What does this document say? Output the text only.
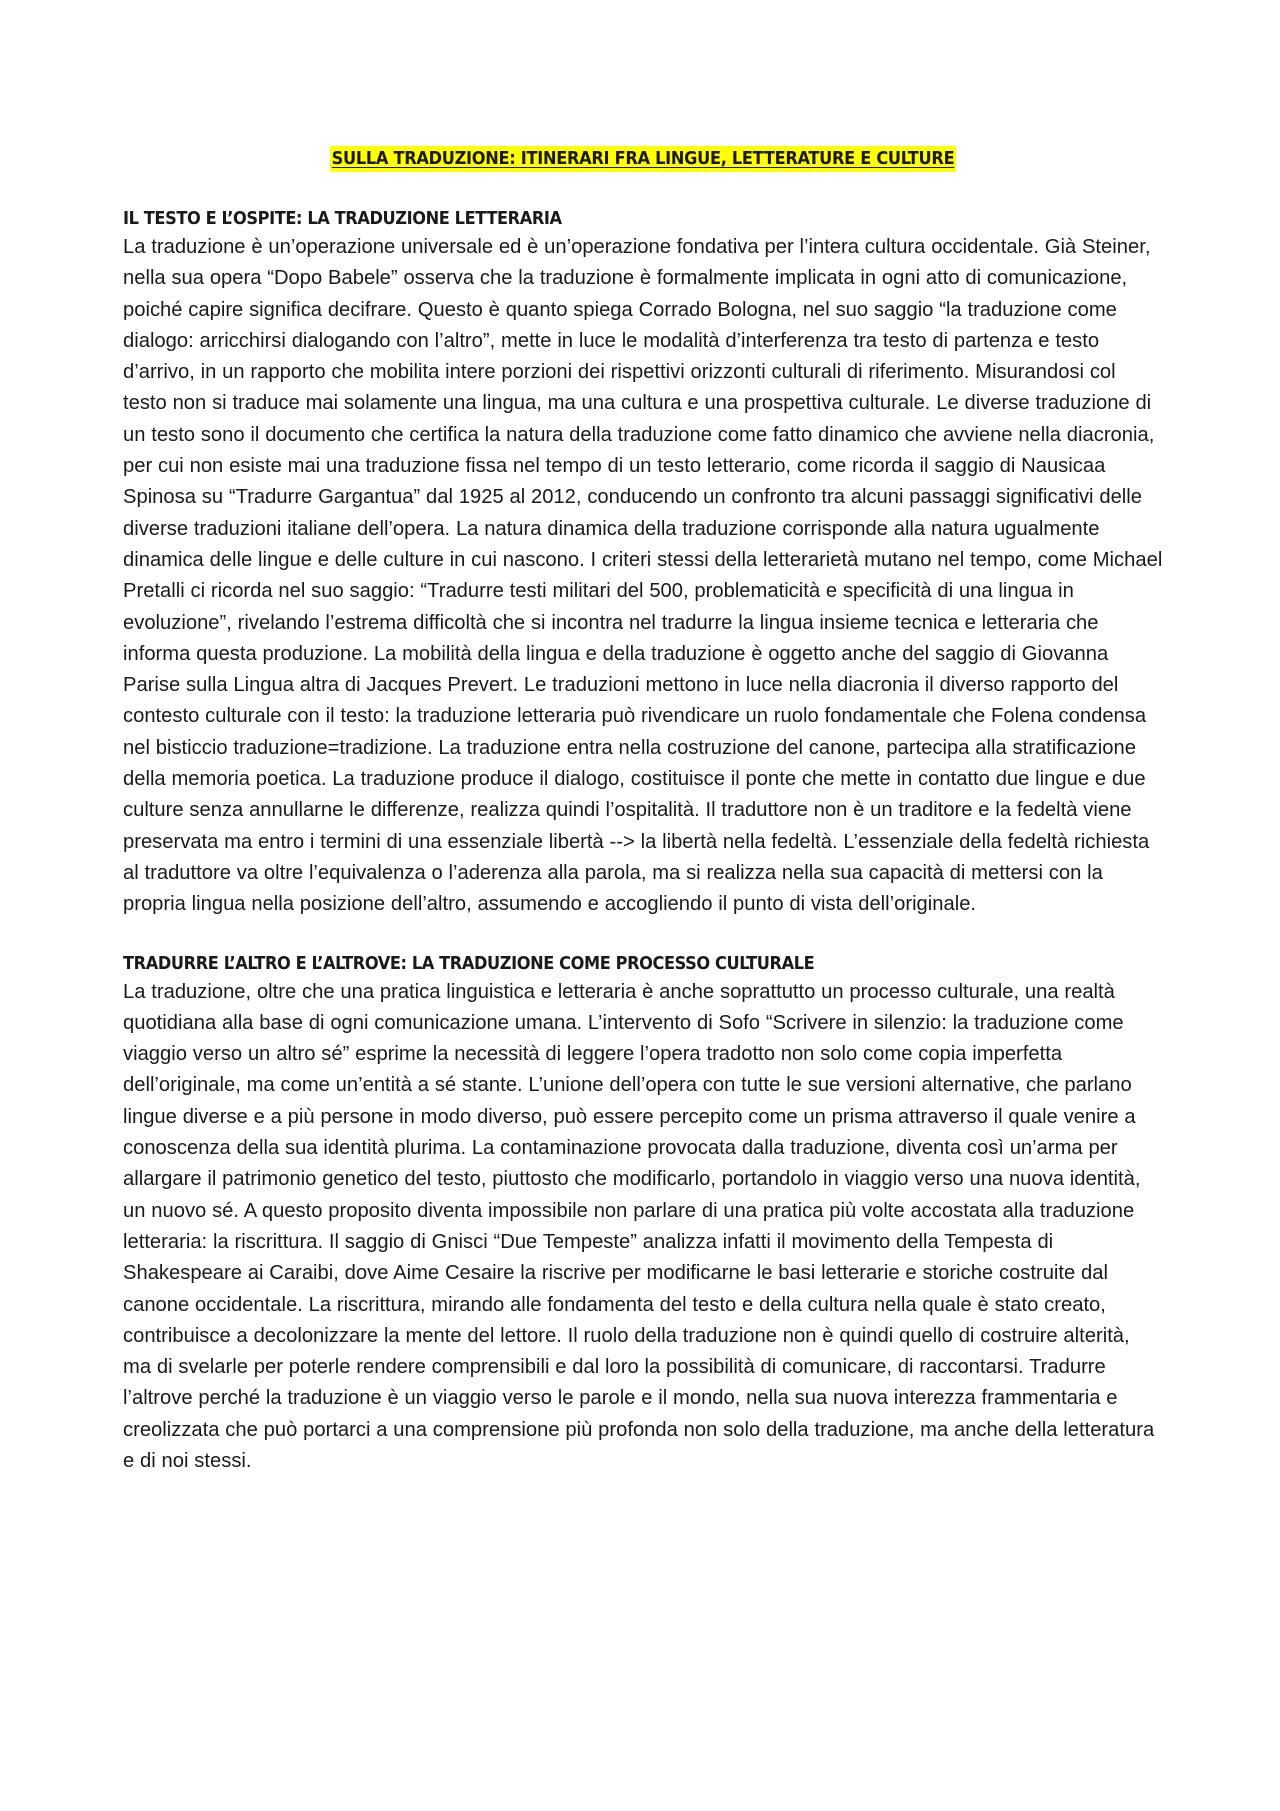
SULLA TRADUZIONE: ITINERARI FRA LINGUE, LETTERATURE E CULTURE
IL TESTO E L’OSPITE: LA TRADUZIONE LETTERARIA

La traduzione è un’operazione universale ed è un’operazione fondativa per l’intera cultura occidentale. Già Steiner, nella sua opera “Dopo Babele” osserva che la traduzione è formalmente implicata in ogni atto di comunicazione, poiché capire significa decifrare. Questo è quanto spiega Corrado Bologna, nel suo saggio “la traduzione come dialogo: arricchirsi dialogando con l’altro”, mette in luce le modalità d’interferenza tra testo di partenza e testo d’arrivo, in un rapporto che mobilita intere porzioni dei rispettivi orizzonti culturali di riferimento. Misurandosi col testo non si traduce mai solamente una lingua, ma una cultura e una prospettiva culturale. Le diverse traduzione di un testo sono il documento che certifica la natura della traduzione come fatto dinamico che avviene nella diacronia, per cui non esiste mai una traduzione fissa nel tempo di un testo letterario, come ricorda il saggio di Nausicaa Spinosa su “Tradurre Gargantua” dal 1925 al 2012, conducendo un confronto tra alcuni passaggi significativi delle diverse traduzioni italiane dell’opera. La natura dinamica della traduzione corrisponde alla natura ugualmente dinamica delle lingue e delle culture in cui nascono. I criteri stessi della letterarietà mutano nel tempo, come Michael Pretalli ci ricorda nel suo saggio: “Tradurre testi militari del 500, problematicità e specificità di una lingua in evoluzione”, rivelando l’estrema difficoltà che si incontra nel tradurre la lingua insieme tecnica e letteraria che informa questa produzione. La mobilità della lingua e della traduzione è oggetto anche del saggio di Giovanna Parise sulla Lingua altra di Jacques Prevert. Le traduzioni mettono in luce nella diacronia il diverso rapporto del contesto culturale con il testo: la traduzione letteraria può rivendicare un ruolo fondamentale che Folena condensa nel bisticcio traduzione=tradizione. La traduzione entra nella costruzione del canone, partecipa alla stratificazione della memoria poetica. La traduzione produce il dialogo, costituisce il ponte che mette in contatto due lingue e due culture senza annullarne le differenze, realizza quindi l’ospitalità. Il traduttore non è un traditore e la fedeltà viene preservata ma entro i termini di una essenziale libertà --> la libertà nella fedeltà. L’essenziale della fedeltà richiesta al traduttore va oltre l’equivalenza o l’aderenza alla parola, ma si realizza nella sua capacità di mettersi con la propria lingua nella posizione dell’altro, assumendo e accogliendo il punto di vista dell’originale.

TRADURRE L’ALTRO E L’ALTROVE: LA TRADUZIONE COME PROCESSO CULTURALE

La traduzione, oltre che una pratica linguistica e letteraria è anche soprattutto un processo culturale, una realtà quotidiana alla base di ogni comunicazione umana. L’intervento di Sofo “Scrivere in silenzio: la traduzione come viaggio verso un altro sé” esprime la necessità di leggere l’opera tradotto non solo come copia imperfetta dell’originale, ma come un’entità a sé stante. L’unione dell’opera con tutte le sue versioni alternative, che parlano lingue diverse e a più persone in modo diverso, può essere percepito come un prisma attraverso il quale venire a conoscenza della sua identità plurima. La contaminazione provocata dalla traduzione, diventa così un’arma per allargare il patrimonio genetico del testo, piuttosto che modificarlo, portandolo in viaggio verso una nuova identità, un nuovo sé. A questo proposito diventa impossibile non parlare di una pratica più volte accostata alla traduzione letteraria: la riscrittura. Il saggio di Gnisci “Due Tempeste” analizza infatti il movimento della Tempesta di Shakespeare ai Caraibi, dove Aime Cesaire la riscrive per modificarne le basi letterarie e storiche costruite dal canone occidentale. La riscrittura, mirando alle fondamenta del testo e della cultura nella quale è stato creato, contribuisce a decolonizzare la mente del lettore. Il ruolo della traduzione non è quindi quello di costruire alterità, ma di svelarle per poterle rendere comprensibili e dal loro la possibilità di comunicare, di raccontarsi. Tradurre l’altrove perché la traduzione è un viaggio verso le parole e il mondo, nella sua nuova interezza frammentaria e creolizzata che può portarci a una comprensione più profonda non solo della traduzione, ma anche della letteratura e di noi stessi.
